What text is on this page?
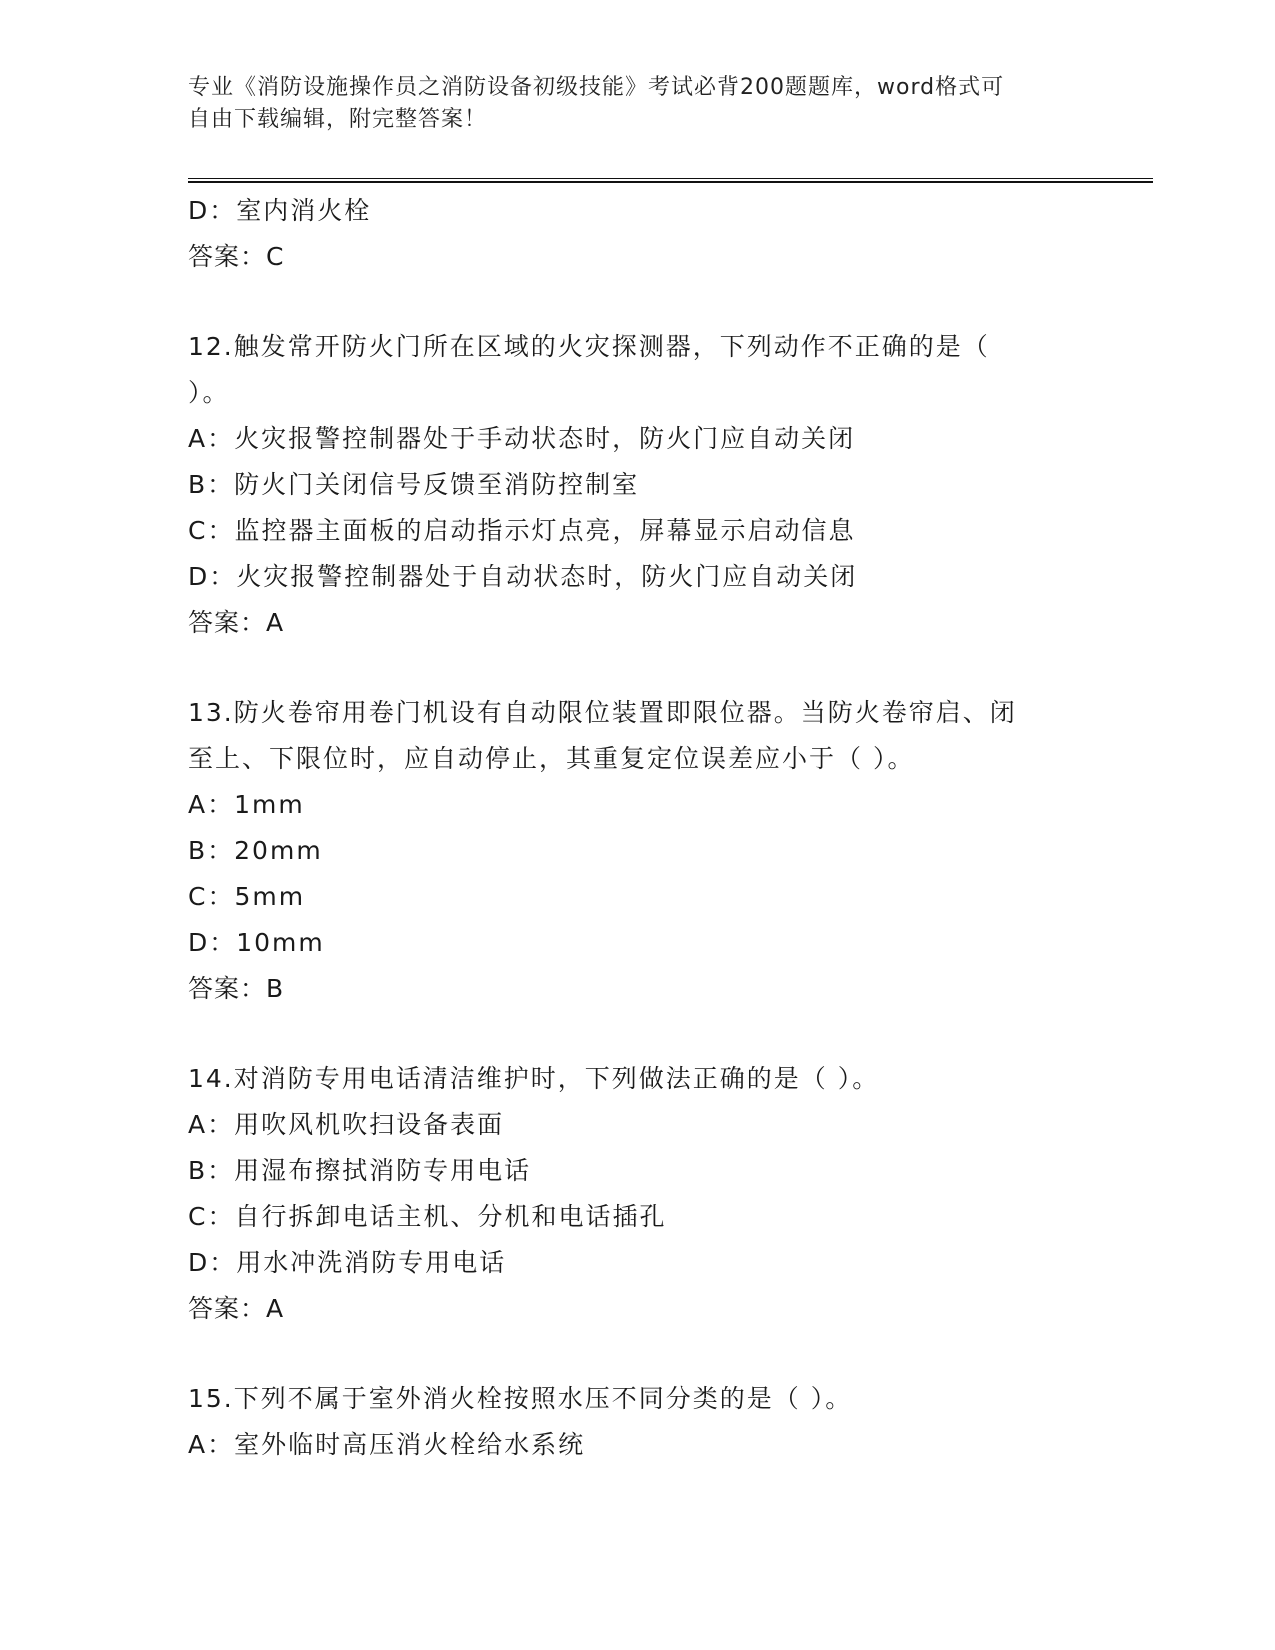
专业《消防设施操作员之消防设备初级技能》考试必背200题题库，word格式可
自由下载编辑，附完整答案！
D：室内消火栓
答案：C
12.触发常开防火门所在区域的火灾探测器，下列动作不正确的是（
）。
A：火灾报警控制器处于手动状态时，防火门应自动关闭
B：防火门关闭信号反馈至消防控制室
C：监控器主面板的启动指示灯点亮，屏幕显示启动信息
D：火灾报警控制器处于自动状态时，防火门应自动关闭
答案：A
13.防火卷帘用卷门机设有自动限位装置即限位器。当防火卷帘启、闭
至上、下限位时，应自动停止，其重复定位误差应小于（ ）。
A：1mm
B：20mm
C：5mm
D：10mm
答案：B
14.对消防专用电话清洁维护时，下列做法正确的是（ ）。
A：用吹风机吹扫设备表面
B：用湿布擦拭消防专用电话
C：自行拆卸电话主机、分机和电话插孔
D：用水冲洗消防专用电话
答案：A
15.下列不属于室外消火栓按照水压不同分类的是（ ）。
A：室外临时高压消火栓给水系统
